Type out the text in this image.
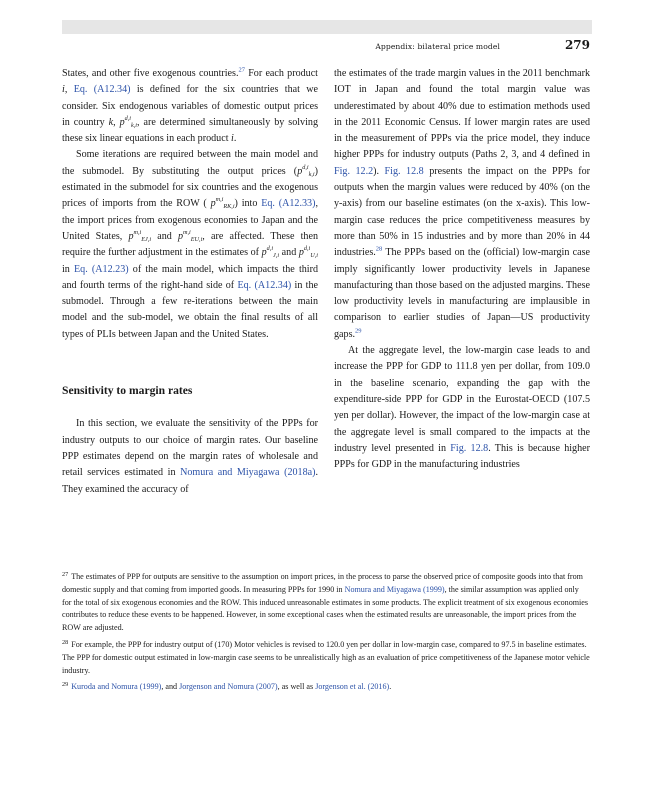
Appendix: bilateral price model	279

States, and other five exogenous countries.$^{27}$ For each product i, Eq. (A12.34) is defined for the six countries that we consider. Six endogenous variables of domestic output prices in country k, $p^{d,i}_{k,i}$, are determined simultaneously by solving these six linear equations in each product i.

Some iterations are required between the main model and the submodel. By substituting the output prices $(p^{d,i}_{k,i})$ estimated in the submodel for six countries and the exogenous prices of imports from the ROW ( $p^{m,i}_{RK,i}$) into Eq. (A12.33), the import prices from exogenous economies to Japan and the United States, $p^{m,i}_{EJ,i}$ and $p^{m,i}_{EU,i}$, are affected. These then require the further adjustment in the estimates of $p^{d,i}_{J,i}$ and $p^{d,i}_{U,i}$ in Eq. (A12.23) of the main model, which impacts the third and fourth terms of the right-hand side of Eq. (A12.34) in the submodel. Through a few re-iterations between the main model and the sub-model, we obtain the final results of all types of PLIs between Japan and the United States.

Sensitivity to margin rates

In this section, we evaluate the sensitivity of the PPPs for industry outputs to our choice of margin rates. Our baseline PPP estimates depend on the margin rates of wholesale and retail services estimated in Nomura and Miyagawa (2018a). They examined the accuracy of

the estimates of the trade margin values in the 2011 benchmark IOT in Japan and found the total margin value was underestimated by about 40% due to estimation methods used in the 2011 Economic Census. If lower margin rates are used in the measurement of PPPs via the price model, they induce higher PPPs for industry outputs (Paths 2, 3, and 4 defined in Fig. 12.2). Fig. 12.8 presents the impact on the PPPs for outputs when the margin values were reduced by 40% (on the y-axis) from our baseline estimates (on the x-axis). This low-margin case reduces the price competitiveness measures by more than 50% in 15 industries and by more than 20% in 44 industries.$^{28}$ The PPPs based on the (official) low-margin case imply significantly lower productivity levels in Japanese manufacturing than those based on the adjusted margins. These low productivity levels in manufacturing are implausible in comparison to earlier studies of Japan—US productivity gaps.$^{29}$

At the aggregate level, the low-margin case leads to and increase the PPP for GDP to 111.8 yen per dollar, from 109.0 in the baseline scenario, expanding the gap with the expenditure-side PPP for GDP in the Eurostat-OECD (107.5 yen per dollar). However, the impact of the low-margin case at the aggregate level is small compared to the impacts at the industry level presented in Fig. 12.8. This is because higher PPPs for GDP in the manufacturing industries

$^{27}$ The estimates of PPP for outputs are sensitive to the assumption on import prices, in the process to parse the observed price of composite goods into that from domestic supply and that coming from imported goods. In measuring PPPs for 1990 in Nomura and Miyagawa (1999), the similar assumption was applied only for the total of six exogenous economies and the ROW. This induced unreasonable estimates in some products. The explicit treatment of six exogenous economies contributes to reduce these events to be happened. However, in some exceptional cases when the estimated results are unreasonable, the import prices from the ROW are adjusted.

$^{28}$ For example, the PPP for industry output of (170) Motor vehicles is revised to 120.0 yen per dollar in low-margin case, compared to 97.5 in baseline estimates. The PPP for domestic output estimated in low-margin case seems to be unrealistically high as an evaluation of price competitiveness of the Japanese motor vehicle industry.

$^{29}$ Kuroda and Nomura (1999), and Jorgenson and Nomura (2007), as well as Jorgenson et al. (2016).
